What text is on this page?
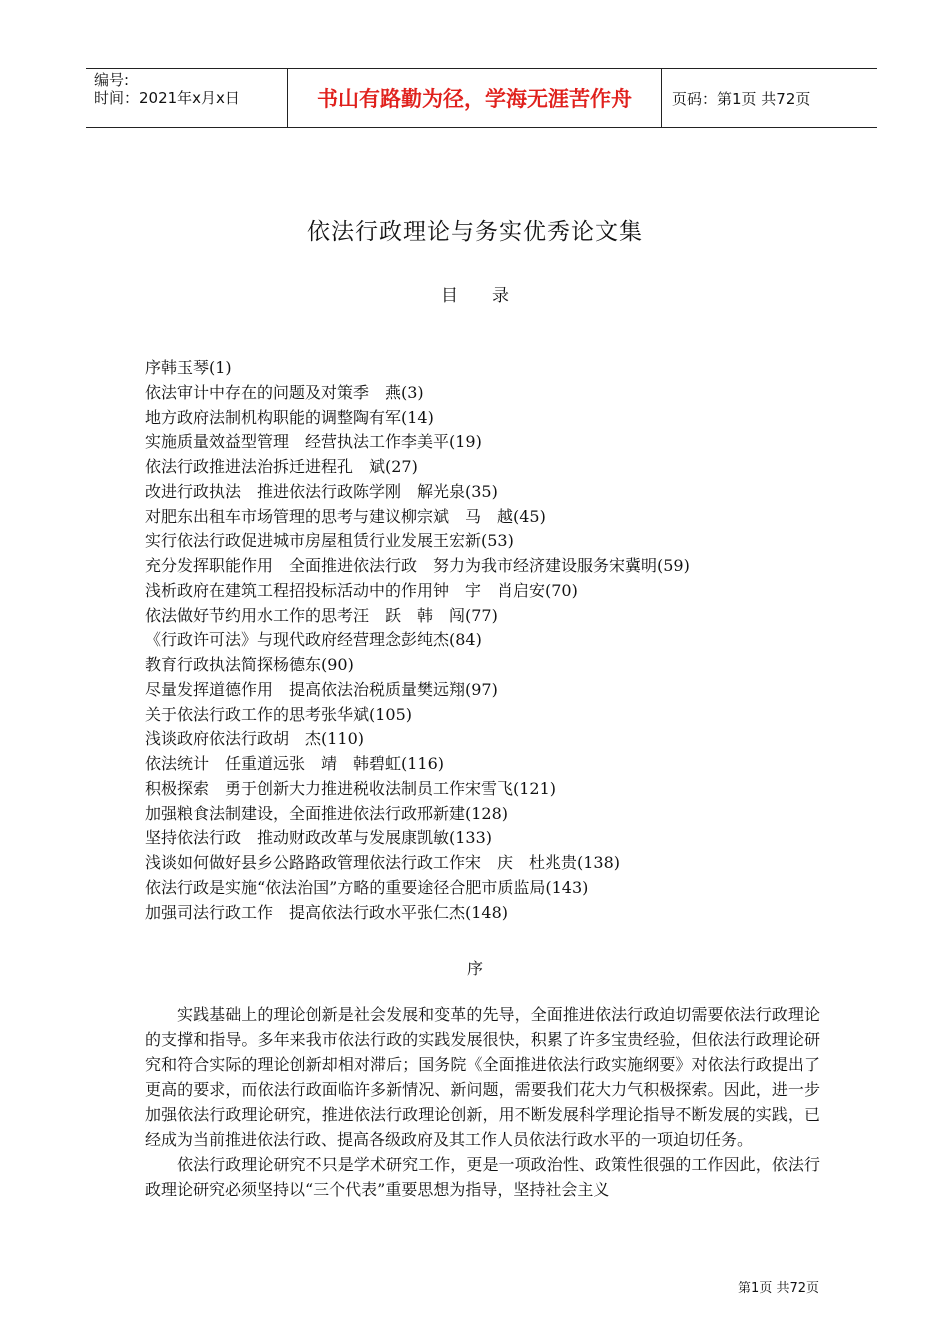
编号:
时间：2021年x月x日	书山有路勤为径，学海无涯苦作舟	页码：第1页 共72页
依法行政理论与务实优秀论文集
目　　录
序韩玉琴(1)
依法审计中存在的问题及对策季　燕(3)
地方政府法制机构职能的调整陶有军(14)
实施质量效益型管理　经营执法工作李美平(19)
依法行政推进法治拆迁进程孔　斌(27)
改进行政执法　推进依法行政陈学刚　解光泉(35)
对肥东出租车市场管理的思考与建议柳宗斌　马　越(45)
实行依法行政促进城市房屋租赁行业发展王宏新(53)
充分发挥职能作用　全面推进依法行政　努力为我市经济建设服务宋冀明(59)
浅析政府在建筑工程招投标活动中的作用钟　宇　肖启安(70)
依法做好节约用水工作的思考汪　跃　韩　闯(77)
《行政许可法》与现代政府经营理念彭纯杰(84)
教育行政执法简探杨德东(90)
尽量发挥道德作用　提高依法治税质量樊远翔(97)
关于依法行政工作的思考张华斌(105)
浅谈政府依法行政胡　杰(110)
依法统计　任重道远张　靖　韩碧虹(116)
积极探索　勇于创新大力推进税收法制员工作宋雪飞(121)
加强粮食法制建设，全面推进依法行政邢新建(128)
坚持依法行政　推动财政改革与发展康凯敏(133)
浅谈如何做好县乡公路路政管理依法行政工作宋　庆　杜兆贵(138)
依法行政是实施“依法治国”方略的重要途径合肥市质监局(143)
加强司法行政工作　提高依法行政水平张仁杰(148)
序

实践基础上的理论创新是社会发展和变革的先导，全面推进依法行政迫切需要依法行政理论的支撑和指导。多年来我市依法行政的实践发展很快，积累了许多宝贵经验，但依法行政理论研究和符合实际的理论创新却相对滞后；国务院《全面推进依法行政实施纲要》对依法行政提出了更高的要求，而依法行政面临许多新情况、新问题，需要我们花大力气积极探索。因此，进一步加强依法行政理论研究，推进依法行政理论创新，用不断发展科学理论指导不断发展的实践，已经成为当前推进依法行政、提高各级政府及其工作人员依法行政水平的一项迫切任务。

依法行政理论研究不只是学术研究工作，更是一项政治性、政策性很强的工作因此，依法行政理论研究必须坚持以“三个代表”重要思想为指导，坚持社会主义

第1页 共72页
